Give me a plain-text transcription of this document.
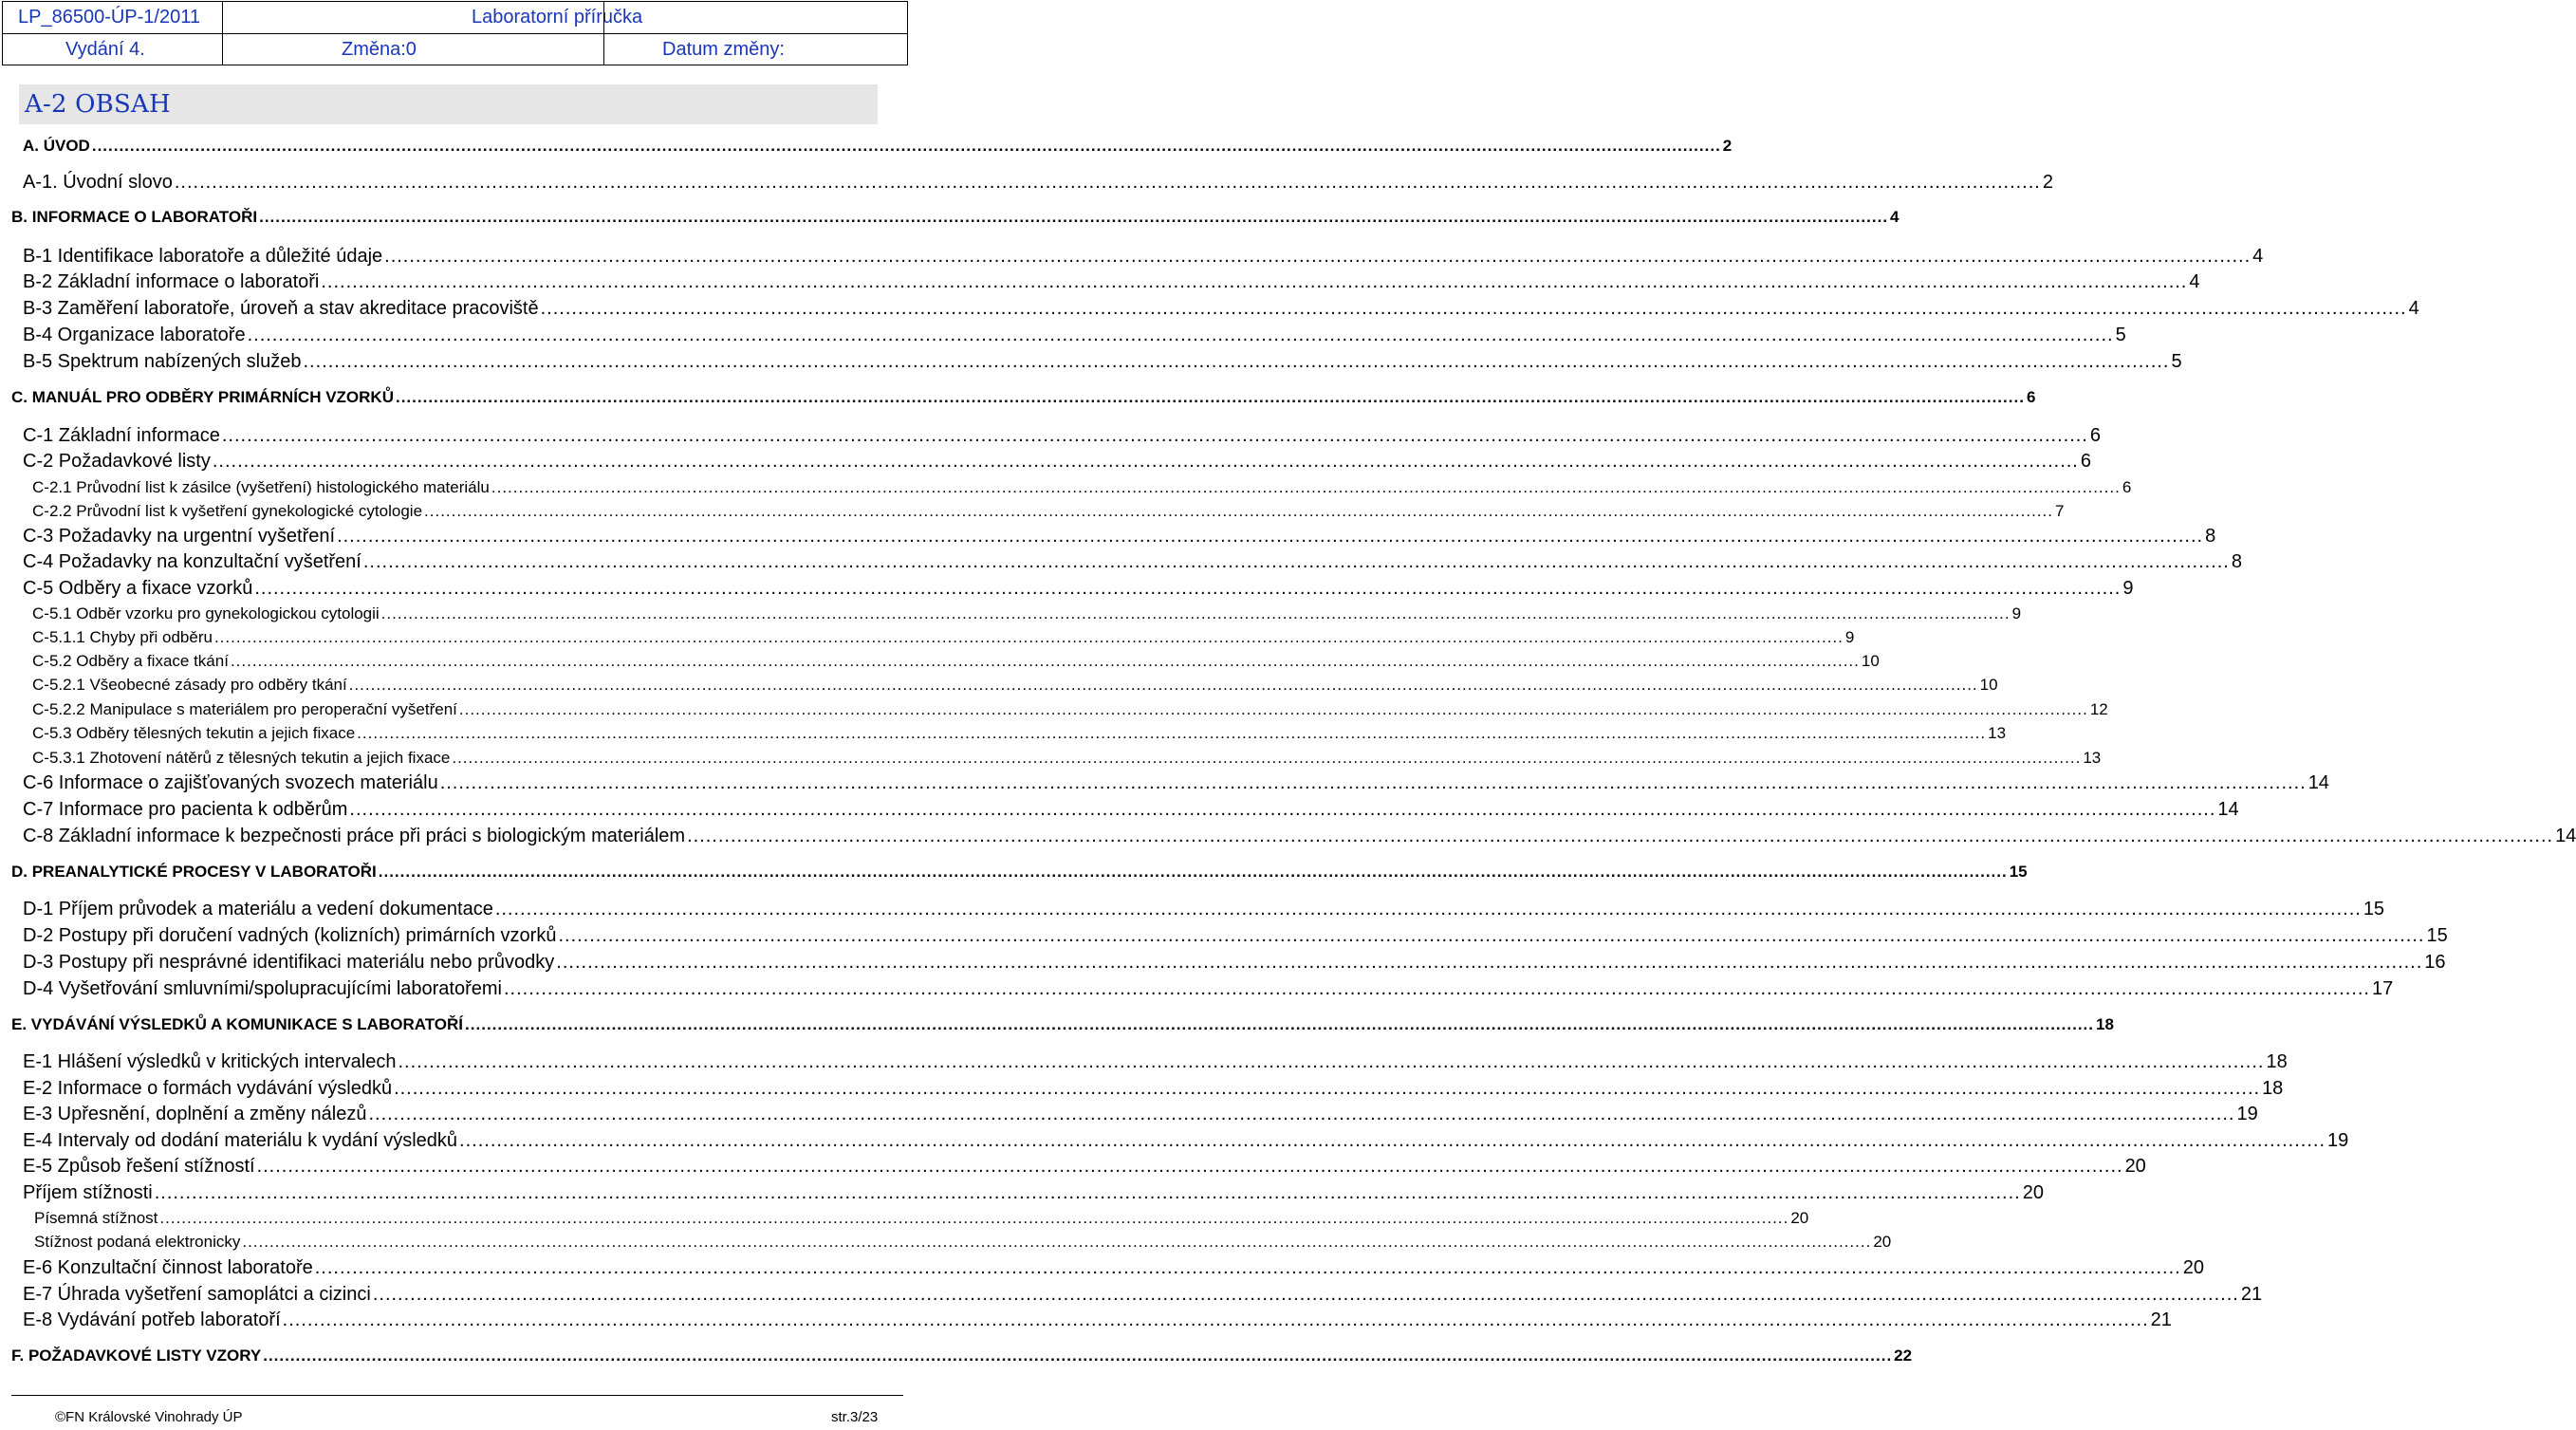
LP_86500-ÚP-1/2011	Laboratorní příručka
Vydání 4.	Změna:0	Datum změny:
A-2 OBSAH
A. ÚVOD ............................................................................................................................................................................................................................................................................................................ 2
A-1. Úvodní slovo ............................................................................................................................................................................................................................................................................................................ 2
B. INFORMACE O LABORATOŘI ............................................................................................................................................................................................................................................................................................................ 4
B-1 Identifikace laboratoře a důležité údaje ............................................................................................................................................................................................................................................................................................................ 4
B-2 Základní informace o laboratoři ............................................................................................................................................................................................................................................................................................................ 4
B-3 Zaměření laboratoře, úroveň a stav akreditace pracoviště ............................................................................................................................................................................................................................................................................................................ 4
B-4 Organizace laboratoře ............................................................................................................................................................................................................................................................................................................ 5
B-5 Spektrum nabízených služeb ............................................................................................................................................................................................................................................................................................................ 5
C. MANUÁL PRO ODBĚRY PRIMÁRNÍCH VZORKŮ ............................................................................................................................................................................................................................................................................................................ 6
C-1 Základní informace ............................................................................................................................................................................................................................................................................................................ 6
C-2 Požadavkové listy ............................................................................................................................................................................................................................................................................................................ 6
C-2.1 Průvodní list k zásilce (vyšetření) histologického materiálu ............................................................................................................................................................................................................................................................................................................ 6
C-2.2 Průvodní list k vyšetření gynekologické cytologie ............................................................................................................................................................................................................................................................................................................ 7
C-3 Požadavky na urgentní vyšetření ............................................................................................................................................................................................................................................................................................................ 8
C-4 Požadavky na konzultační vyšetření ............................................................................................................................................................................................................................................................................................................ 8
C-5 Odběry a fixace vzorků ............................................................................................................................................................................................................................................................................................................ 9
C-5.1 Odběr vzorku pro gynekologickou cytologii ............................................................................................................................................................................................................................................................................................................ 9
C-5.1.1 Chyby při odběru ............................................................................................................................................................................................................................................................................................................ 9
C-5.2 Odběry a fixace tkání ............................................................................................................................................................................................................................................................................................................ 10
C-5.2.1 Všeobecné zásady pro odběry tkání ............................................................................................................................................................................................................................................................................................................ 10
C-5.2.2 Manipulace s materiálem pro peroperační vyšetření ............................................................................................................................................................................................................................................................................................................ 12
C-5.3 Odběry tělesných tekutin a jejich fixace ............................................................................................................................................................................................................................................................................................................ 13
C-5.3.1 Zhotovení nátěrů z tělesných tekutin a jejich fixace ............................................................................................................................................................................................................................................................................................................ 13
C-6 Informace o zajišťovaných svozech materiálu ............................................................................................................................................................................................................................................................................................................ 14
C-7 Informace pro pacienta k odběrům ............................................................................................................................................................................................................................................................................................................ 14
C-8 Základní informace k bezpečnosti práce při práci s biologickým materiálem ............................................................................................................................................................................................................................................................................................................ 14
D. PREANALYTICKÉ PROCESY V LABORATOŘI ............................................................................................................................................................................................................................................................................................................ 15
D-1 Příjem průvodek a materiálu a vedení dokumentace ............................................................................................................................................................................................................................................................................................................ 15
D-2 Postupy při doručení vadných (kolizních) primárních vzorků ............................................................................................................................................................................................................................................................................................................ 15
D-3 Postupy při nesprávné identifikaci materiálu nebo průvodky ............................................................................................................................................................................................................................................................................................................ 16
D-4 Vyšetřování smluvními/spolupracujícími laboratořemi ............................................................................................................................................................................................................................................................................................................ 17
E. VYDÁVÁNÍ VÝSLEDKŮ A KOMUNIKACE S LABORATOŘÍ ............................................................................................................................................................................................................................................................................................................ 18
E-1 Hlášení výsledků v kritických intervalech ............................................................................................................................................................................................................................................................................................................ 18
E-2 Informace o formách vydávání výsledků ............................................................................................................................................................................................................................................................................................................ 18
E-3 Upřesnění, doplnění a změny nálezů ............................................................................................................................................................................................................................................................................................................ 19
E-4 Intervaly od dodání materiálu k vydání výsledků ............................................................................................................................................................................................................................................................................................................ 19
E-5 Způsob řešení stížností ............................................................................................................................................................................................................................................................................................................ 20
Příjem stížnosti ............................................................................................................................................................................................................................................................................................................ 20
Písemná stížnost ............................................................................................................................................................................................................................................................................................................ 20
Stížnost podaná elektronicky ............................................................................................................................................................................................................................................................................................................ 20
E-6 Konzultační činnost laboratoře ............................................................................................................................................................................................................................................................................................................ 20
E-7 Úhrada vyšetření samoplátci a cizinci ............................................................................................................................................................................................................................................................................................................ 21
E-8 Vydávání potřeb laboratoří ............................................................................................................................................................................................................................................................................................................ 21
F. POŽADAVKOVÉ LISTY VZORY ............................................................................................................................................................................................................................................................................................................ 22
©FN Královské Vinohrady ÚP	str.3/23
